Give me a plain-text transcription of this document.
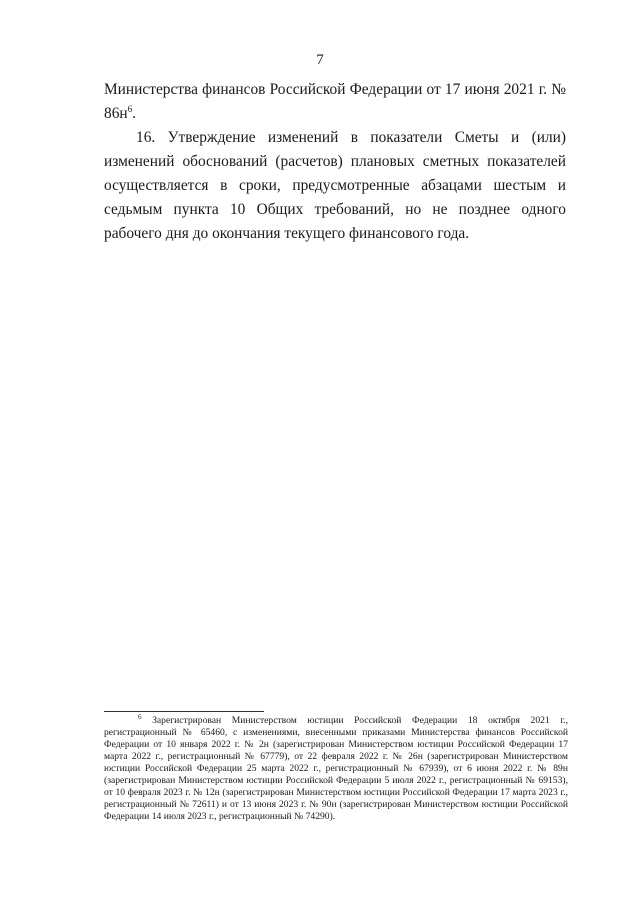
7

Министерства финансов Российской Федерации от 17 июня 2021 г. № $86н^6$.

16. Утверждение изменений в показатели Сметы и (или) изменений обоснований (расчетов) плановых сметных показателей осуществляется в сроки, предусмотренные абзацами шестым и седьмым пункта 10 Общих требований, но не позднее одного рабочего дня до окончания текущего финансового года.

$^6$ Зарегистрирован Министерством юстиции Российской Федерации 18 октября 2021 г., регистрационный № 65460, с изменениями, внесенными приказами Министерства финансов Российской Федерации от 10 января 2022 г. № 2н (зарегистрирован Министерством юстиции Российской Федерации 17 марта 2022 г., регистрационный № 67779), от 22 февраля 2022 г. № 26н (зарегистрирован Министерством юстиции Российской Федерации 25 марта 2022 г., регистрационный № 67939), от 6 июня 2022 г. № 89н (зарегистрирован Министерством юстиции Российской Федерации 5 июля 2022 г., регистрационный № 69153), от 10 февраля 2023 г. № 12н (зарегистрирован Министерством юстиции Российской Федерации 17 марта 2023 г., регистрационный № 72611) и от 13 июня 2023 г. № 90н (зарегистрирован Министерством юстиции Российской Федерации 14 июля 2023 г., регистрационный № 74290).
